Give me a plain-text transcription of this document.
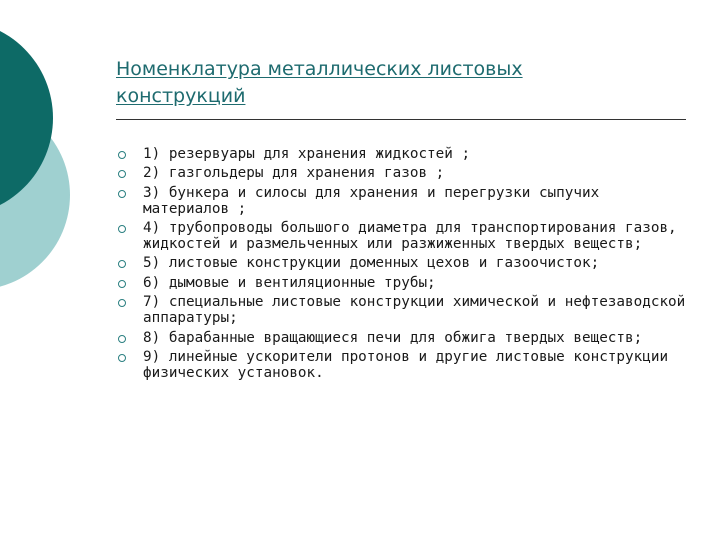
Номенклатура металлических листовых конструкций
1) резервуары для хранения жидкостей ;
2) газгольдеры для хранения газов ;
3) бункера и силосы для хранения и перегрузки сыпучих материалов ;
4) трубопроводы большого диаметра для транспортирования газов, жидкостей и размельченных или разжиженных твердых веществ;
5) листовые конструкции доменных цехов и газоочисток;
6) дымовые и вентиляционные трубы;
7) специальные листовые конструкции химической и нефтезаводской аппаратуры;
8) барабанные вращающиеся печи для обжига твердых веществ;
9) линейные ускорители протонов и другие листовые конструкции физических установок.
